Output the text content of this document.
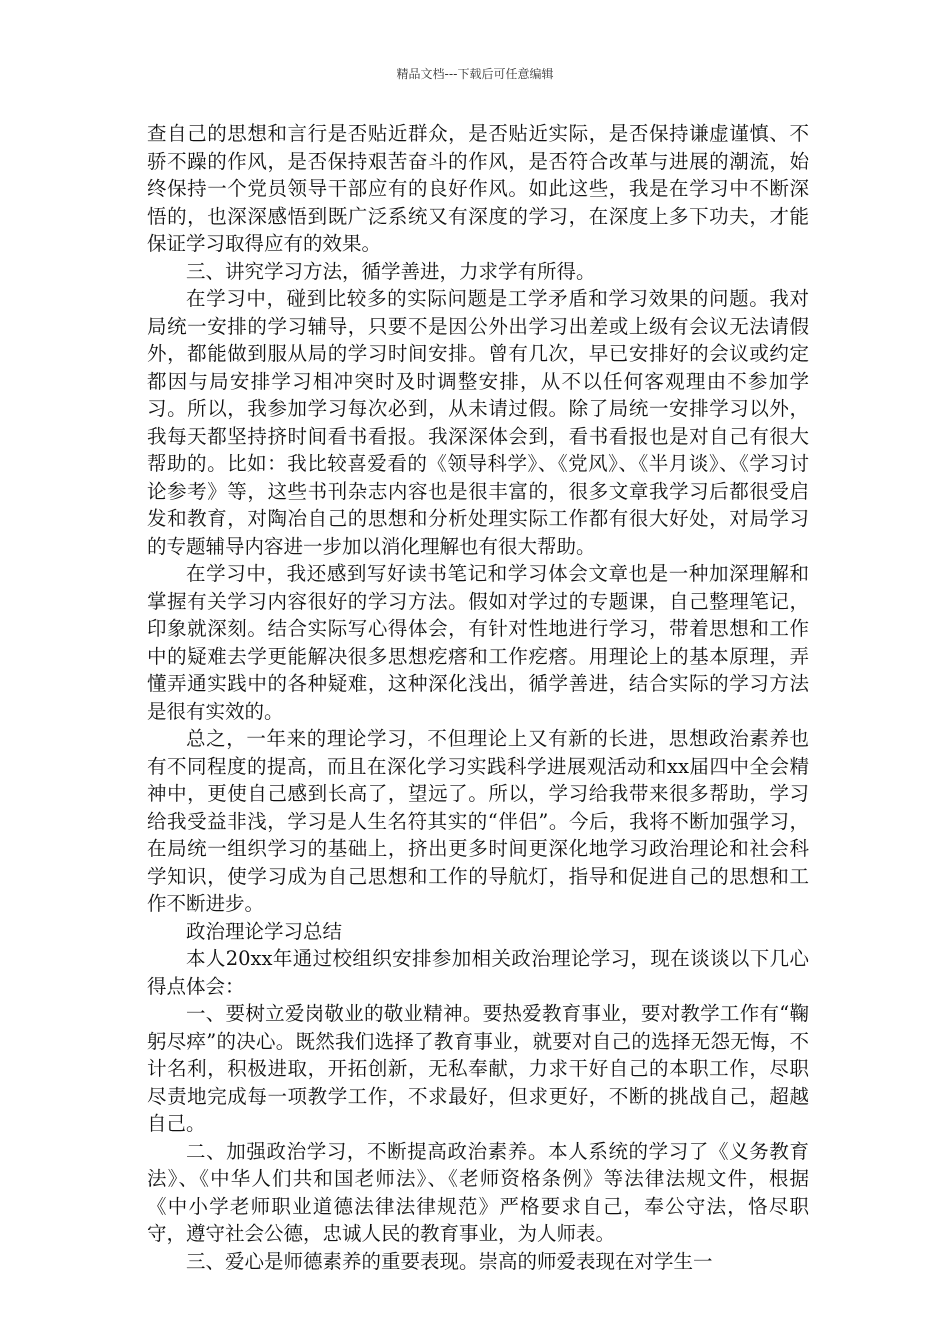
精品文档---下载后可任意编辑

查自己的思想和言行是否贴近群众，是否贴近实际，是否保持谦虚谨慎、不骄不躁的作风，是否保持艰苦奋斗的作风，是否符合改革与进展的潮流，始终保持一个党员领导干部应有的良好作风。如此这些，我是在学习中不断深悟的，也深深感悟到既广泛系统又有深度的学习，在深度上多下功夫，才能保证学习取得应有的效果。

三、讲究学习方法，循学善进，力求学有所得。

在学习中，碰到比较多的实际问题是工学矛盾和学习效果的问题。我对局统一安排的学习辅导，只要不是因公外出学习出差或上级有会议无法请假外，都能做到服从局的学习时间安排。曾有几次，早已安排好的会议或约定都因与局安排学习相冲突时及时调整安排，从不以任何客观理由不参加学习。所以，我参加学习每次必到，从未请过假。除了局统一安排学习以外，我每天都坚持挤时间看书看报。我深深体会到，看书看报也是对自己有很大帮助的。比如：我比较喜爱看的《领导科学》、《党风》、《半月谈》、《学习讨论参考》等，这些书刊杂志内容也是很丰富的，很多文章我学习后都很受启发和教育，对陶冶自己的思想和分析处理实际工作都有很大好处，对局学习的专题辅导内容进一步加以消化理解也有很大帮助。

在学习中，我还感到写好读书笔记和学习体会文章也是一种加深理解和掌握有关学习内容很好的学习方法。假如对学过的专题课，自己整理笔记，印象就深刻。结合实际写心得体会，有针对性地进行学习，带着思想和工作中的疑难去学更能解决很多思想疙瘩和工作疙瘩。用理论上的基本原理，弄懂弄通实践中的各种疑难，这种深化浅出，循学善进，结合实际的学习方法是很有实效的。

总之，一年来的理论学习，不但理论上又有新的长进，思想政治素养也有不同程度的提高，而且在深化学习实践科学进展观活动和xx届四中全会精神中，更使自己感到长高了，望远了。所以，学习给我带来很多帮助，学习给我受益非浅，学习是人生名符其实的“伴侣”。今后，我将不断加强学习，在局统一组织学习的基础上，挤出更多时间更深化地学习政治理论和社会科学知识，使学习成为自己思想和工作的导航灯，指导和促进自己的思想和工作不断进步。

政治理论学习总结

本人20xx年通过校组织安排参加相关政治理论学习，现在谈谈以下几心得点体会：

一、要树立爱岗敬业的敬业精神。要热爱教育事业，要对教学工作有“鞠躬尽瘁”的决心。既然我们选择了教育事业，就要对自己的选择无怨无悔，不计名利，积极进取，开拓创新，无私奉献，力求干好自己的本职工作，尽职尽责地完成每一项教学工作，不求最好，但求更好，不断的挑战自己，超越自己。

二、加强政治学习，不断提高政治素养。本人系统的学习了《义务教育法》、《中华人们共和国老师法》、《老师资格条例》等法律法规文件，根据《中小学老师职业道德法律法律规范》严格要求自己，奉公守法，恪尽职守，遵守社会公德，忠诚人民的教育事业，为人师表。

三、爱心是师德素养的重要表现。崇高的师爱表现在对学生一
